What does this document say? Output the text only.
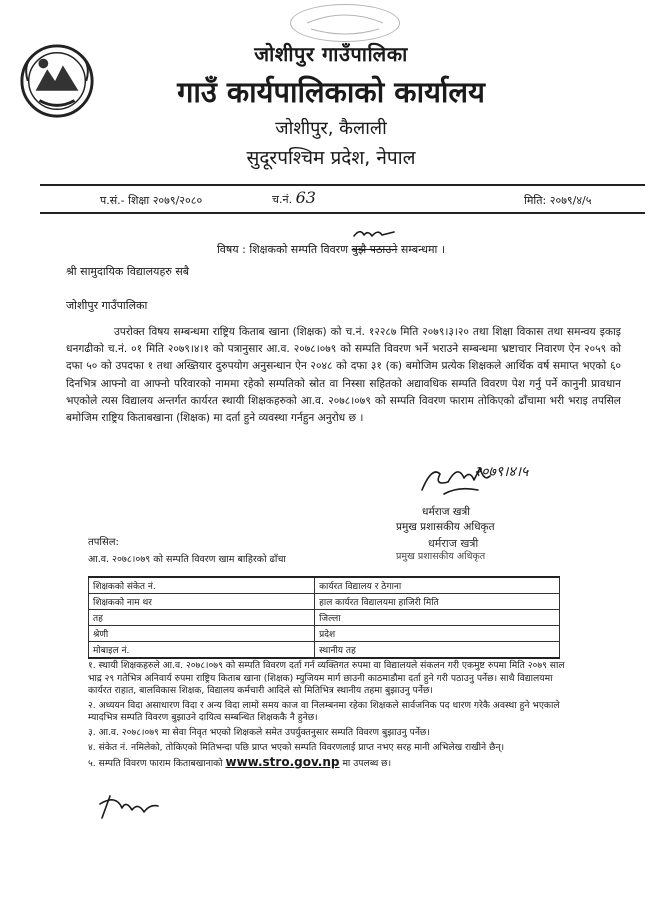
जोशीपुर गाउँपालिका
गाउँ कार्यपालिकाको कार्यालय
जोशीपुर, कैलाली
सुदूरपश्चिम प्रदेश, नेपाल
प.सं.- शिक्षा २०७९/२०८०	च.नं. 63	मिति: २०७९/४/५
विषय : शिक्षकको सम्पति विवरण बुझै पठाउने सम्बन्धमा ।
श्री सामुदायिक विद्यालयहरु सबै
जोशीपुर गाउँपालिका
उपरोक्त विषय सम्बन्धमा राष्ट्रिय किताब खाना (शिक्षक) को च.नं. १२२८७ मिति २०७९।३।२० तथा शिक्षा विकास तथा समन्वय इकाइ धनगढीको च.नं. ०१ मिति २०७९।४।१ को पत्रानुसार आ.व. २०७८।०७९ को सम्पति विवरण भर्ने भराउने सम्बन्धमा भ्रष्टाचार निवारण ऐन २०५९ को दफा ५० को उपदफा १ तथा अख्तियार दुरुपयोग अनुसन्धान ऐन २०४८ को दफा ३१ (क) बमोजिम प्रत्येक शिक्षकले आर्थिक वर्ष समाप्त भएको ६० दिनभित्र आफ्नो वा आफ्नो परिवारको नाममा रहेको सम्पतिको स्रोत वा निस्सा सहितको अद्यावधिक सम्पति विवरण पेश गर्नु पर्ने कानुनी प्रावधान भएकोले त्यस विद्यालय अन्तर्गत कार्यरत स्थायी शिक्षकहरुको आ.व. २०७८।०७९ को सम्पति विवरण फाराम तोकिएको ढाँचामा भरी भराइ तपसिल बमोजिम राष्ट्रिय किताबखाना (शिक्षक) मा दर्ता हुने व्यवस्था गर्नहुन अनुरोध छ ।
२०७९।४।५
धर्मराज खत्री
प्रमुख प्रशासकीय अधिकृत
धर्मराज खत्री
प्रमुख प्रशासकीय अधिकृत
तपसिल:
आ.व. २०७८।०७९ को सम्पति विवरण खाम बाहिरको ढाँचा
शिक्षकको संकेत नं.	कार्यरत विद्यालय र ठेगाना
शिक्षकको नाम थर	हाल कार्यरत विद्यालयमा हाजिरी मिति
तह	जिल्ला
श्रेणी	प्रदेश
मोबाइल नं.	स्थानीय तह

१. स्थायी शिक्षकहरुले आ.व. २०७८।०७९ को सम्पति विवरण दर्ता गर्न व्यक्तिगत रुपमा वा विद्यालयले संकलन गरी एकमुष्ट रुपमा मिति २०७९ साल भाद्र २९ गतेभित्र अनिवार्य रुपमा राष्ट्रिय किताब खाना (शिक्षक) म्युजियम मार्ग छाउनी काठमाडौमा दर्ता हुने गरी पठाउनु पर्नेछ। साथै विद्यालयमा कार्यरत राहात, बालविकास शिक्षक, विद्यालय कर्मचारी आदिले सो मितिभित्र स्थानीय तहमा बुझाउनु पर्नेछ।

२. अध्ययन विदा असाधारण विदा र अन्य विदा लामो समय काज वा निलम्बनमा रहेका शिक्षकले सार्वजनिक पद धारण गरेकै अवस्था हुने भएकाले म्यादभित्र सम्पति विवरण बुझाउने दायित्व सम्बन्धित शिक्षककै नै हुनेछ।

३. आ.व. २०७८।०७९ मा सेवा निवृत भएको शिक्षकले समेत उपर्युक्तनुसार सम्पति विवरण बुझाउनु पर्नेछ।

४. संकेत नं. नमिलेको, तोकिएको मितिभन्दा पछि प्राप्त भएको सम्पति विवरणलाई प्राप्त नभए सरह मानी अभिलेख राखीने छैन्।

५. सम्पति विवरण फाराम किताबखानाको www.stro.gov.np मा उपलब्ध छ।
